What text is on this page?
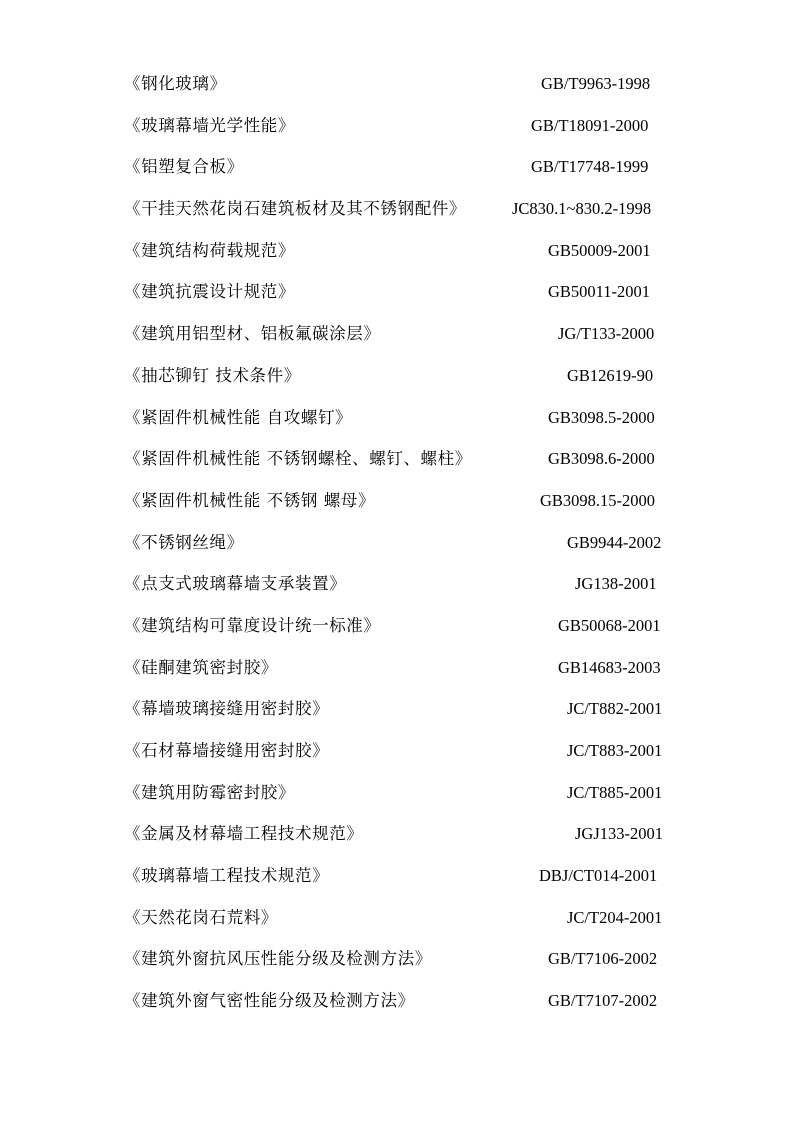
《钢化玻璃》	GB/T9963-1998
《玻璃幕墙光学性能》	GB/T18091-2000
《铝塑复合板》	GB/T17748-1999
《干挂天然花岗石建筑板材及其不锈钢配件》	JC830.1~830.2-1998
《建筑结构荷载规范》	GB50009-2001
《建筑抗震设计规范》	GB50011-2001
《建筑用铝型材、铝板氟碳涂层》	JG/T133-2000
《抽芯铆钉 技术条件》	GB12619-90
《紧固件机械性能 自攻螺钉》	GB3098.5-2000
《紧固件机械性能 不锈钢螺栓、螺钉、螺柱》	GB3098.6-2000
《紧固件机械性能 不锈钢 螺母》	GB3098.15-2000
《不锈钢丝绳》	GB9944-2002
《点支式玻璃幕墙支承装置》	JG138-2001
《建筑结构可靠度设计统一标准》	GB50068-2001
《硅酮建筑密封胶》	GB14683-2003
《幕墙玻璃接缝用密封胶》	JC/T882-2001
《石材幕墙接缝用密封胶》	JC/T883-2001
《建筑用防霉密封胶》	JC/T885-2001
《金属及材幕墙工程技术规范》	JGJ133-2001
《玻璃幕墙工程技术规范》	DBJ/CT014-2001
《天然花岗石荒料》	JC/T204-2001
《建筑外窗抗风压性能分级及检测方法》	GB/T7106-2002
《建筑外窗气密性能分级及检测方法》	GB/T7107-2002
